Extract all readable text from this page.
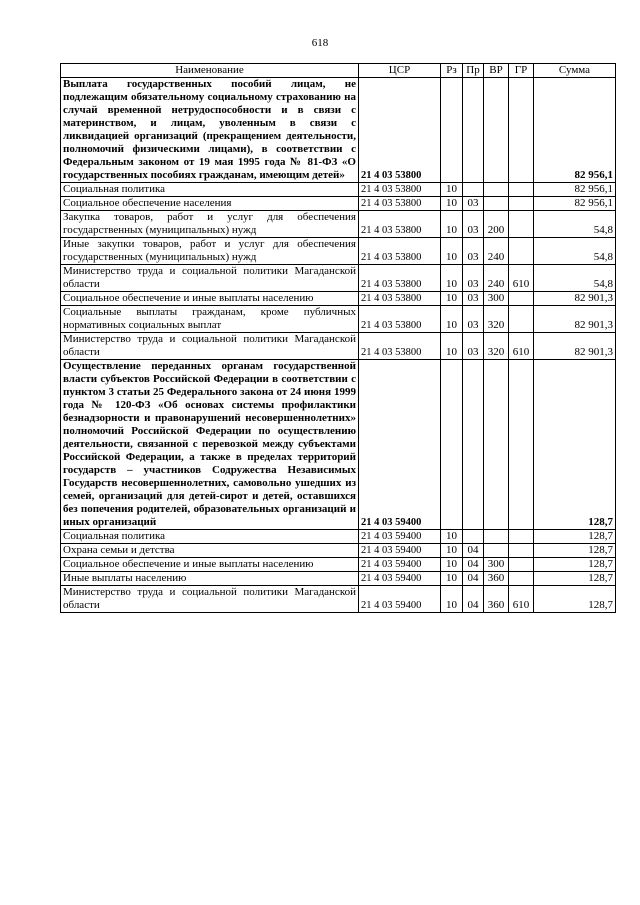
618
Наименование	ЦСР	Рз	Пр	ВР	ГР	Сумма
Выплата государственных пособий лицам, не подлежащим обязательному социальному страхованию на случай временной нетрудоспособности и в связи с материнством, и лицам, уволенным в связи с ликвидацией организаций (прекращением деятельности, полномочий физическими лицами), в соответствии с Федеральным законом от 19 мая 1995 года № 81-ФЗ «О государственных пособиях гражданам, имеющим детей»	21 4 03 53800					82 956,1
Социальная политика	21 4 03 53800	10				82 956,1
Социальное обеспечение населения	21 4 03 53800	10	03			82 956,1
Закупка товаров, работ и услуг для обеспечения государственных (муниципальных) нужд	21 4 03 53800	10	03	200		54,8
Иные закупки товаров, работ и услуг для обеспечения государственных (муниципальных) нужд	21 4 03 53800	10	03	240		54,8
Министерство труда и социальной политики Магаданской области	21 4 03 53800	10	03	240	610	54,8
Социальное обеспечение и иные выплаты населению	21 4 03 53800	10	03	300		82 901,3
Социальные выплаты гражданам, кроме публичных нормативных социальных выплат	21 4 03 53800	10	03	320		82 901,3
Министерство труда и социальной политики Магаданской области	21 4 03 53800	10	03	320	610	82 901,3
Осуществление переданных органам государственной власти субъектов Российской Федерации в соответствии с пунктом 3 статьи 25 Федерального закона от 24 июня 1999 года № 120-ФЗ «Об основах системы профилактики безнадзорности и правонарушений несовершеннолетних» полномочий Российской Федерации по осуществлению деятельности, связанной с перевозкой между субъектами Российской Федерации, а также в пределах территорий государств – участников Содружества Независимых Государств несовершеннолетних, самовольно ушедших из семей, организаций для детей-сирот и детей, оставшихся без попечения родителей, образовательных организаций и иных организаций	21 4 03 59400					128,7
Социальная политика	21 4 03 59400	10				128,7
Охрана семьи и детства	21 4 03 59400	10	04			128,7
Социальное обеспечение и иные выплаты населению	21 4 03 59400	10	04	300		128,7
Иные выплаты населению	21 4 03 59400	10	04	360		128,7
Министерство труда и социальной политики Магаданской области	21 4 03 59400	10	04	360	610	128,7
